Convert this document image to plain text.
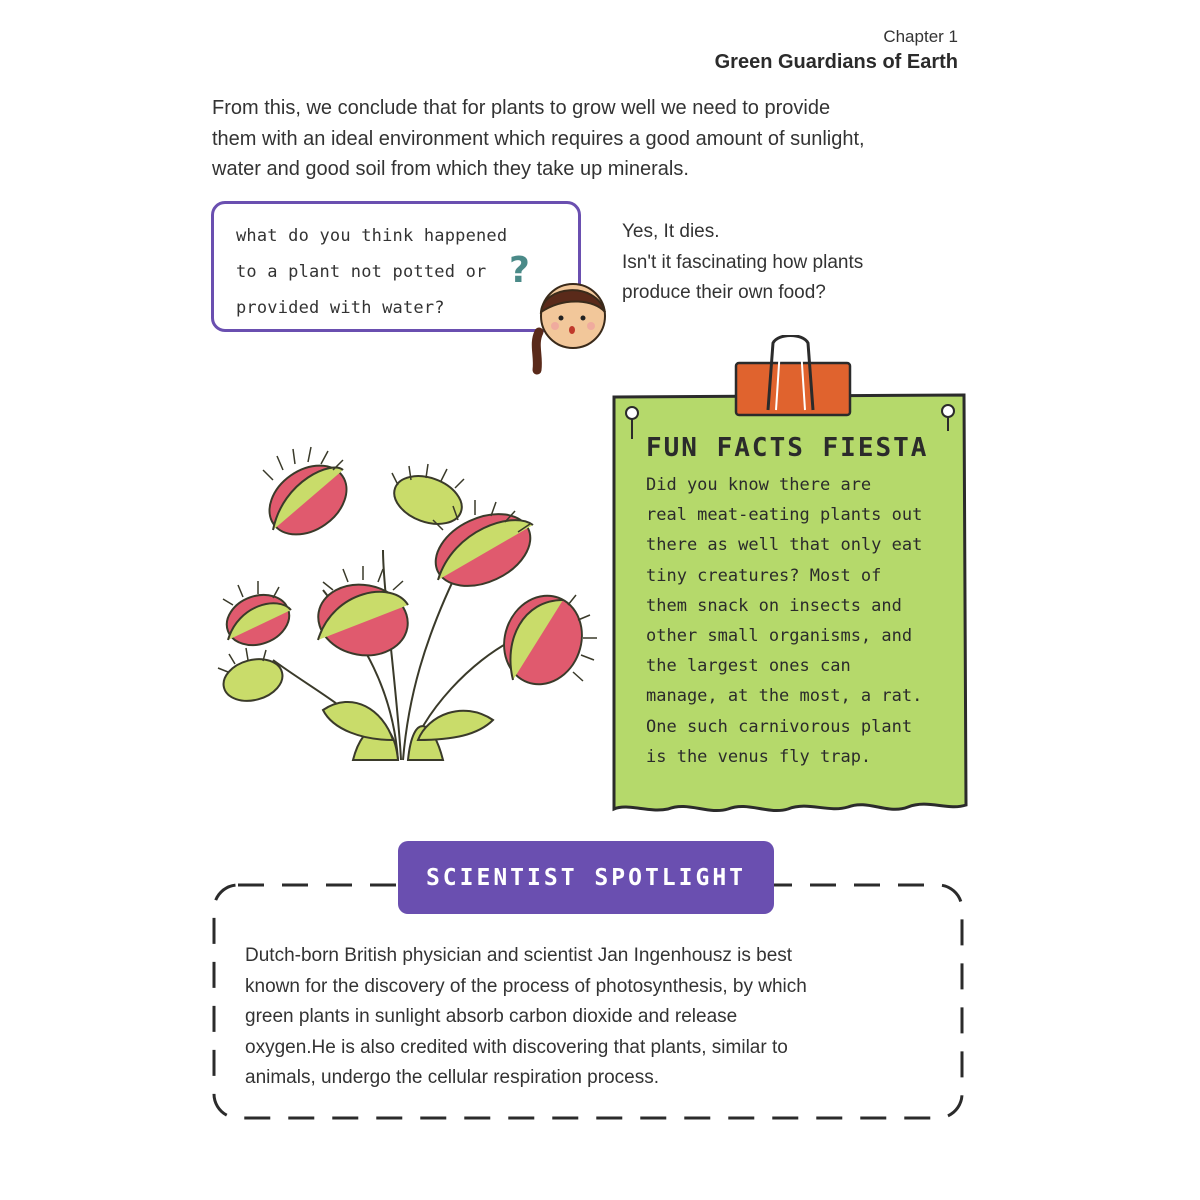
Chapter 1
Green Guardians of Earth

From this, we conclude that for plants to grow well we need to provide

them with an ideal environment which requires a good amount of sunlight,

water and good soil from which they take up minerals.

what do you think happened
to a plant not potted or
provided with water?
?

Yes, It dies.

Isn't it fascinating how plants

produce their own food?

FUN FACTS FIESTA
Did you know there are
real meat-eating plants out
there as well that only eat
tiny creatures? Most of
them snack on insects and
other small organisms, and
the largest ones can
manage, at the most, a rat.
One such carnivorous plant
is the venus fly trap.
SCIENTIST SPOTLIGHT
Dutch-born British physician and scientist Jan Ingenhousz is best
known for the discovery of the process of photosynthesis, by which
green plants in sunlight absorb carbon dioxide and release
oxygen.He is also credited with discovering that plants, similar to
animals, undergo the cellular respiration process.
